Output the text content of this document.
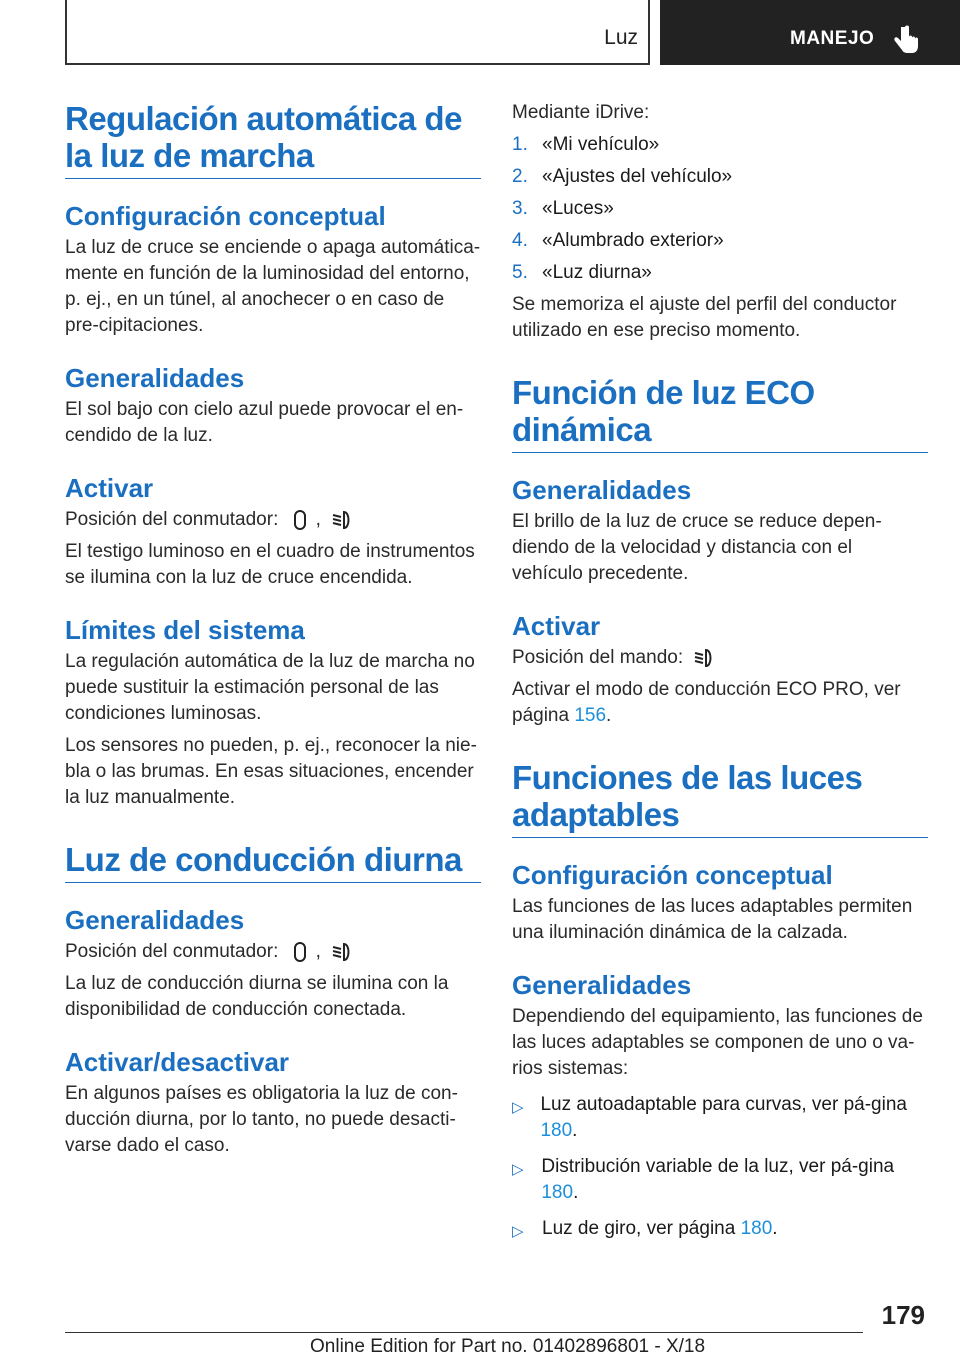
Luz	MANEJO
Regulación automática de la luz de marcha
Configuración conceptual

La luz de cruce se enciende o apaga automática-mente en función de la luminosidad del entorno, p. ej., en un túnel, al anochecer o en caso de pre-cipitaciones.

Generalidades

El sol bajo con cielo azul puede provocar el en-cendido de la luz.

Activar

Posición del conmutador: ,

El testigo luminoso en el cuadro de instrumentos se ilumina con la luz de cruce encendida.

Límites del sistema

La regulación automática de la luz de marcha no puede sustituir la estimación personal de las condiciones luminosas.

Los sensores no pueden, p. ej., reconocer la nie-bla o las brumas. En esas situaciones, encender la luz manualmente.

Luz de conducción diurna
Generalidades

Posición del conmutador: ,

La luz de conducción diurna se ilumina con la disponibilidad de conducción conectada.

Activar/desactivar

En algunos países es obligatoria la luz de con-ducción diurna, por lo tanto, no puede desacti-varse dado el caso.

Mediante iDrive:

1. «Mi vehículo»
2. «Ajustes del vehículo»
3. «Luces»
4. «Alumbrado exterior»
5. «Luz diurna»

Se memoriza el ajuste del perfil del conductor utilizado en ese preciso momento.

Función de luz ECO dinámica
Generalidades

El brillo de la luz de cruce se reduce depen-diendo de la velocidad y distancia con el vehículo precedente.

Activar

Posición del mando:

Activar el modo de conducción ECO PRO, ver página 156.

Funciones de las luces adaptables
Configuración conceptual

Las funciones de las luces adaptables permiten una iluminación dinámica de la calzada.

Generalidades

Dependiendo del equipamiento, las funciones de las luces adaptables se componen de uno o va-rios sistemas:

▷ Luz autoadaptable para curvas, ver pá-gina 180.
▷ Distribución variable de la luz, ver pá-gina 180.
▷ Luz de giro, ver página 180.
179
Online Edition for Part no. 01402896801 - X/18
